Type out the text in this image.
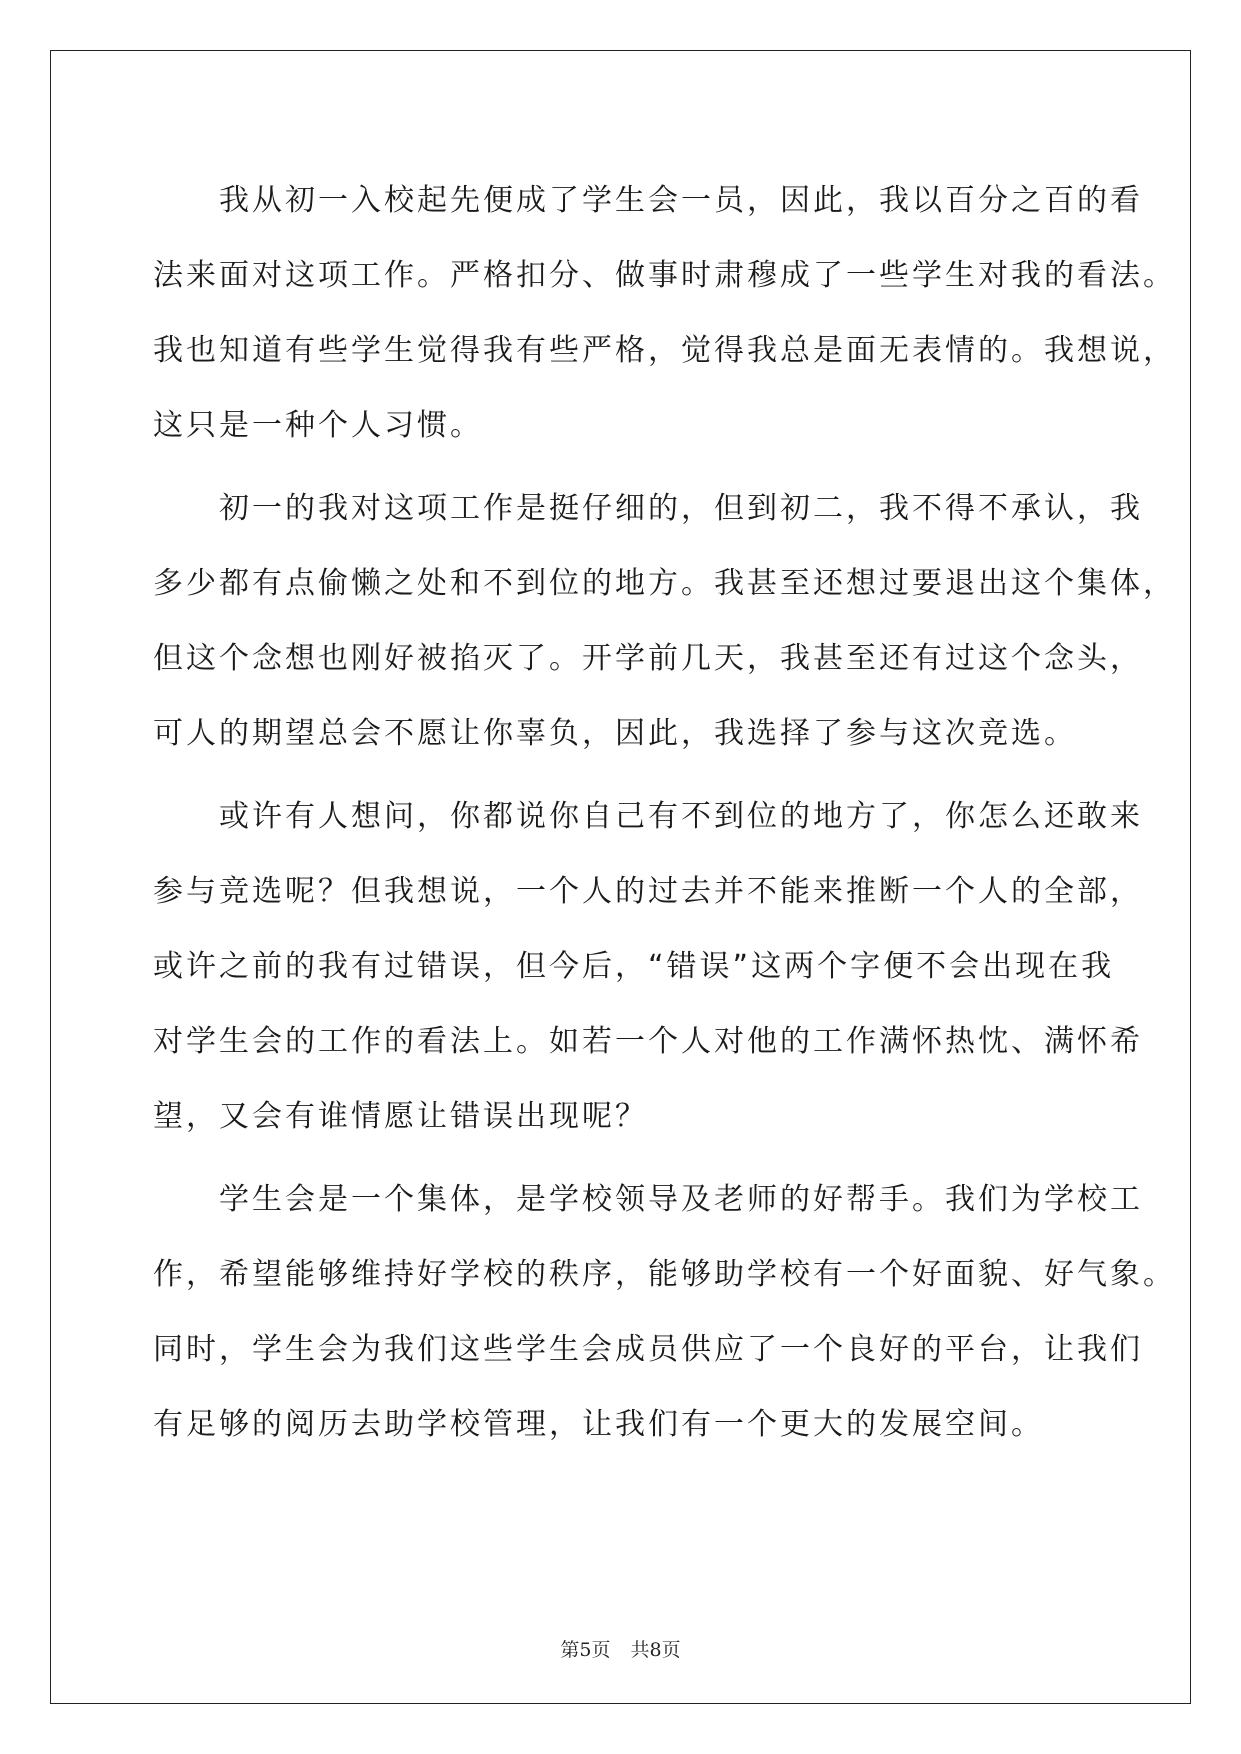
　　我从初一入校起先便成了学生会一员，因此，我以百分之百的看
法来面对这项工作。严格扣分、做事时肃穆成了一些学生对我的看法。
我也知道有些学生觉得我有些严格，觉得我总是面无表情的。我想说，
这只是一种个人习惯。
　　初一的我对这项工作是挺仔细的，但到初二，我不得不承认，我
多少都有点偷懒之处和不到位的地方。我甚至还想过要退出这个集体，
但这个念想也刚好被掐灭了。开学前几天，我甚至还有过这个念头，
可人的期望总会不愿让你辜负，因此，我选择了参与这次竞选。
　　或许有人想问，你都说你自己有不到位的地方了，你怎么还敢来
参与竞选呢？但我想说，一个人的过去并不能来推断一个人的全部，
或许之前的我有过错误，但今后，“错误”这两个字便不会出现在我
对学生会的工作的看法上。如若一个人对他的工作满怀热忱、满怀希
望，又会有谁情愿让错误出现呢？
　　学生会是一个集体，是学校领导及老师的好帮手。我们为学校工
作，希望能够维持好学校的秩序，能够助学校有一个好面貌、好气象。
同时，学生会为我们这些学生会成员供应了一个良好的平台，让我们
有足够的阅历去助学校管理，让我们有一个更大的发展空间。
第5页 共8页
